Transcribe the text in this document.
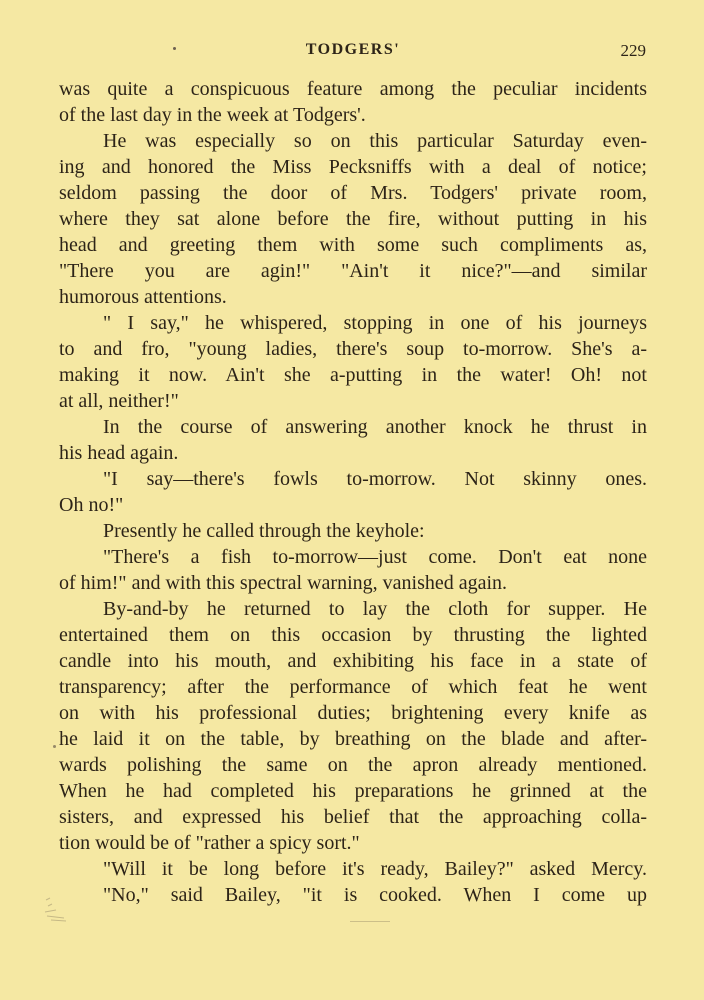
TODGERS'	229
was quite a conspicuous feature among the peculiar incidents
of the last day in the week at Todgers'.
He was especially so on this particular Saturday even-
ing and honored the Miss Pecksniffs with a deal of notice;
seldom passing the door of Mrs. Todgers' private room,
where they sat alone before the fire, without putting in his
head and greeting them with some such compliments as,
"There you are agin!" "Ain't it nice?"—and similar
humorous attentions.
" I say," he whispered, stopping in one of his journeys
to and fro, "young ladies, there's soup to-morrow. She's a-
making it now. Ain't she a-putting in the water! Oh! not
at all, neither!"
In the course of answering another knock he thrust in
his head again.
"I say—there's fowls to-morrow. Not skinny ones.
Oh no!"
Presently he called through the keyhole:
"There's a fish to-morrow—just come. Don't eat none
of him!" and with this spectral warning, vanished again.
By-and-by he returned to lay the cloth for supper. He
entertained them on this occasion by thrusting the lighted
candle into his mouth, and exhibiting his face in a state of
transparency; after the performance of which feat he went
on with his professional duties; brightening every knife as
he laid it on the table, by breathing on the blade and after-
wards polishing the same on the apron already mentioned.
When he had completed his preparations he grinned at the
sisters, and expressed his belief that the approaching colla-
tion would be of "rather a spicy sort."
"Will it be long before it's ready, Bailey?" asked Mercy.
"No," said Bailey, "it is cooked. When I come up
